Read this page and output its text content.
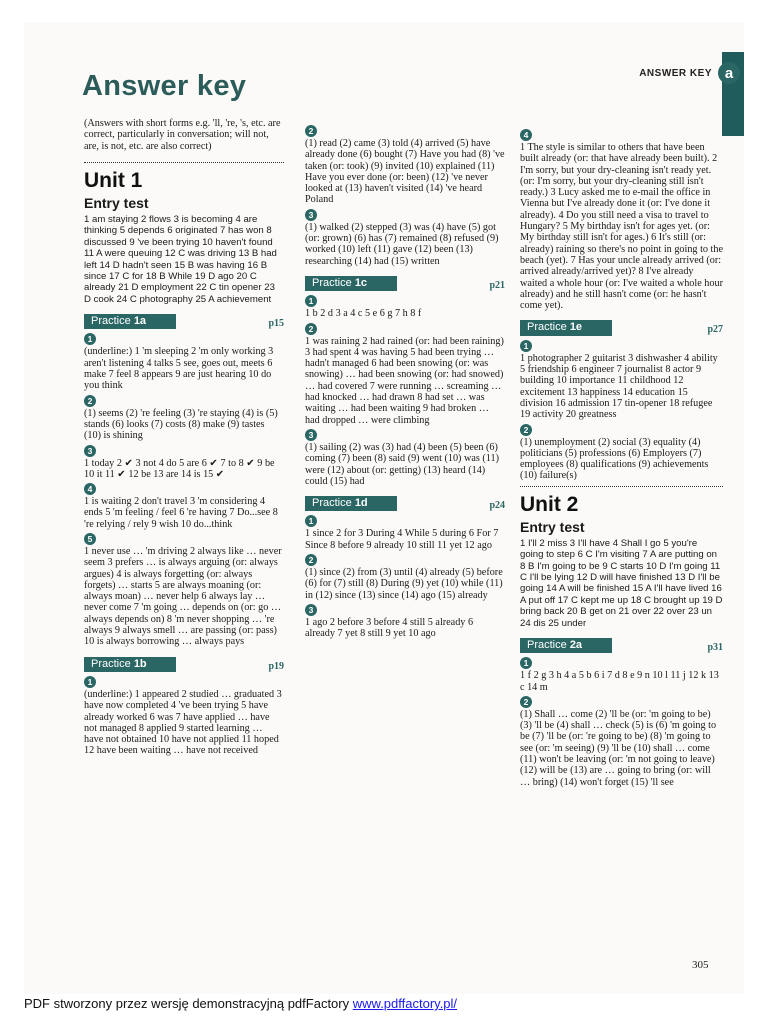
ANSWER KEY a
Answer key

(Answers with short forms e.g. 'll, 're, 's, etc. are correct, particularly in conversation; will not, are, is not, etc. are also correct)

Unit 1
Entry test

1 am staying 2 flows 3 is becoming 4 are thinking 5 depends 6 originated 7 has won 8 discussed 9 've been trying 10 haven't found 11 A were queuing 12 C was driving 13 B had left 14 D hadn't seen 15 B was having 16 B since 17 C for 18 B While 19 D ago 20 C already 21 D employment 22 C tin opener 23 D cook 24 C photography 25 A achievement

Practice 1a	p15
1

(underline:) 1 'm sleeping 2 'm only working 3 aren't listening 4 talks 5 see, goes out, meets 6 make 7 feel 8 appears 9 are just hearing 10 do you think

2

(1) seems (2) 're feeling (3) 're staying (4) is (5) stands (6) looks (7) costs (8) make (9) tastes (10) is shining

3

1 today 2 ✔ 3 not 4 do 5 are 6 ✔ 7 to 8 ✔ 9 be 10 it 11 ✔ 12 be 13 are 14 is 15 ✔

4

1 is waiting 2 don't travel 3 'm considering 4 ends 5 'm feeling / feel 6 're having 7 Do...see 8 're relying / rely 9 wish 10 do...think

5

1 never use … 'm driving 2 always like … never seem 3 prefers … is always arguing (or: always argues) 4 is always forgetting (or: always forgets) … starts 5 are always moaning (or: always moan) … never help 6 always lay … never come 7 'm going … depends on (or: go … always depends on) 8 'm never shopping … 're always 9 always smell … are passing (or: pass) 10 is always borrowing … always pays

Practice 1b	p19
1

(underline:) 1 appeared 2 studied … graduated 3 have now completed 4 've been trying 5 have already worked 6 was 7 have applied … have not managed 8 applied 9 started learning … have not obtained 10 have not applied 11 hoped 12 have been waiting … have not received

2

(1) read (2) came (3) told (4) arrived (5) have already done (6) bought (7) Have you had (8) 've taken (or: took) (9) invited (10) explained (11) Have you ever done (or: been) (12) 've never looked at (13) haven't visited (14) 've heard Poland

3

(1) walked (2) stepped (3) was (4) have (5) got (or: grown) (6) has (7) remained (8) refused (9) worked (10) left (11) gave (12) been (13) researching (14) had (15) written

Practice 1c	p21
1

1 b 2 d 3 a 4 c 5 e 6 g 7 h 8 f

2

1 was raining 2 had rained (or: had been raining) 3 had spent 4 was having 5 had been trying … hadn't managed 6 had been snowing (or: was snowing) … had been snowing (or: had snowed) … had covered 7 were running … screaming … had knocked … had drawn 8 had set … was waiting … had been waiting 9 had broken … had dropped … were climbing

3

(1) sailing (2) was (3) had (4) been (5) been (6) coming (7) been (8) said (9) went (10) was (11) were (12) about (or: getting) (13) heard (14) could (15) had

Practice 1d	p24
1

1 since 2 for 3 During 4 While 5 during 6 For 7 Since 8 before 9 already 10 still 11 yet 12 ago

2

(1) since (2) from (3) until (4) already (5) before (6) for (7) still (8) During (9) yet (10) while (11) in (12) since (13) since (14) ago (15) already

3

1 ago 2 before 3 before 4 still 5 already 6 already 7 yet 8 still 9 yet 10 ago

4

1 The style is similar to others that have been built already (or: that have already been built). 2 I'm sorry, but your dry-cleaning isn't ready yet. (or: I'm sorry, but your dry-cleaning still isn't ready.) 3 Lucy asked me to e-mail the office in Vienna but I've already done it (or: I've done it already). 4 Do you still need a visa to travel to Hungary? 5 My birthday isn't for ages yet. (or: My birthday still isn't for ages.) 6 It's still (or: already) raining so there's no point in going to the beach (yet). 7 Has your uncle already arrived (or: arrived already/arrived yet)? 8 I've already waited a whole hour (or: I've waited a whole hour already) and he still hasn't come (or: he hasn't come yet).

Practice 1e	p27
1

1 photographer 2 guitarist 3 dishwasher 4 ability 5 friendship 6 engineer 7 journalist 8 actor 9 building 10 importance 11 childhood 12 excitement 13 happiness 14 education 15 division 16 admission 17 tin-opener 18 refugee 19 activity 20 greatness

2

(1) unemployment (2) social (3) equality (4) politicians (5) professions (6) Employers (7) employees (8) qualifications (9) achievements (10) failure(s)

Unit 2
Entry test

1 I'll 2 miss 3 I'll have 4 Shall I go 5 you're going to step 6 C I'm visiting 7 A are putting on 8 B I'm going to be 9 C starts 10 D I'm going 11 C I'll be lying 12 D will have finished 13 D I'll be going 14 A will be finished 15 A I'll have lived 16 A put off 17 C kept me up 18 C brought up 19 D bring back 20 B get on 21 over 22 over 23 un 24 dis 25 under

Practice 2a	p31
1

1 f 2 g 3 h 4 a 5 b 6 i 7 d 8 e 9 n 10 l 11 j 12 k 13 c 14 m

2

(1) Shall … come (2) 'll be (or: 'm going to be) (3) 'll be (4) shall … check (5) is (6) 'm going to be (7) 'll be (or: 're going to be) (8) 'm going to see (or: 'm seeing) (9) 'll be (10) shall … come (11) won't be leaving (or: 'm not going to leave) (12) will be (13) are … going to bring (or: will … bring) (14) won't forget (15) 'll see

305
PDF stworzony przez wersję demonstracyjną pdfFactory www.pdffactory.pl/
